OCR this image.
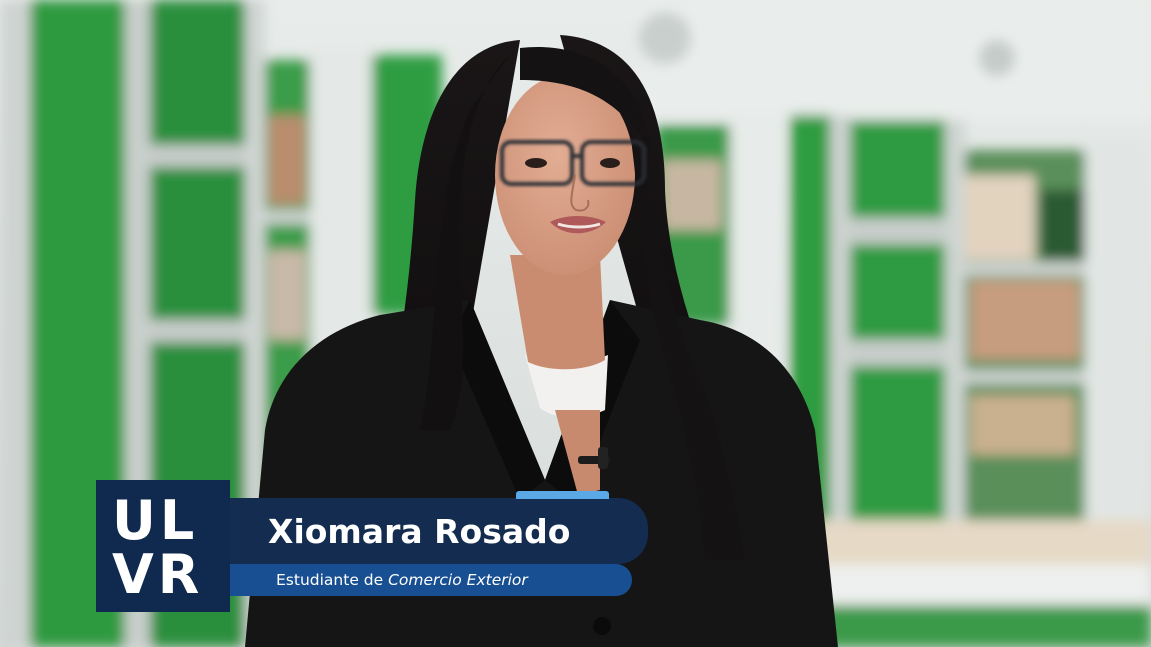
UL
VR
Xiomara Rosado
Estudiante de Comercio Exterior
